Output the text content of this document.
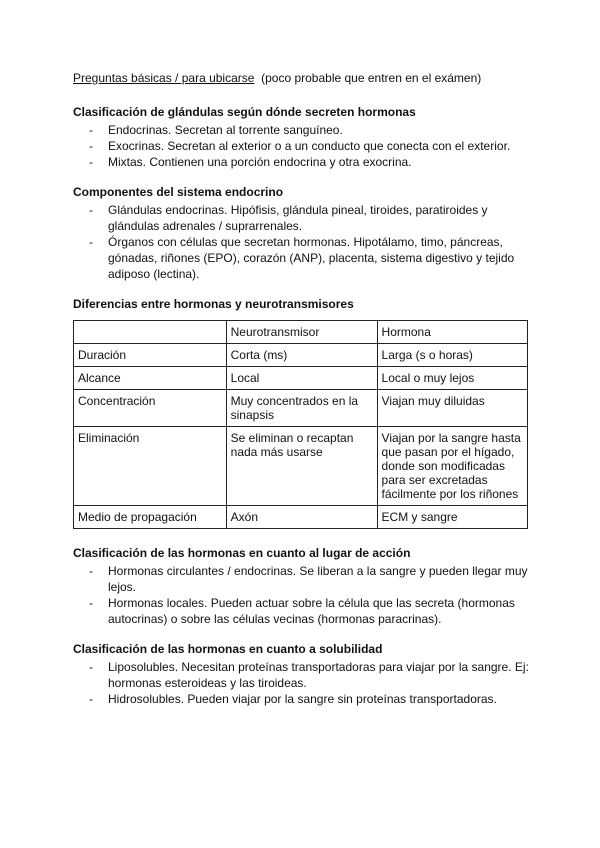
Preguntas básicas / para ubicarse (poco probable que entren en el exámen)

Clasificación de glándulas según dónde secreten hormonas
- Endocrinas. Secretan al torrente sanguíneo.
- Exocrinas. Secretan al exterior o a un conducto que conecta con el exterior.
- Mixtas. Contienen una porción endocrina y otra exocrina.
Componentes del sistema endocrino
- Glándulas endocrinas. Hipófisis, glándula pineal, tiroides, paratiroides y glándulas adrenales / suprarrenales.
- Órganos con células que secretan hormonas. Hipotálamo, timo, páncreas, gónadas, riñones (EPO), corazón (ANP), placenta, sistema digestivo y tejido adiposo (lectina).
Diferencias entre hormonas y neurotransmisores
	Neurotransmisor	Hormona
Duración	Corta (ms)	Larga (s o horas)
Alcance	Local	Local o muy lejos
Concentración	Muy concentrados en la sinapsis	Viajan muy diluidas
Eliminación	Se eliminan o recaptan nada más usarse	Viajan por la sangre hasta que pasan por el hígado, donde son modificadas para ser excretadas fácilmente por los riñones
Medio de propagación	Axón	ECM y sangre
Clasificación de las hormonas en cuanto al lugar de acción
- Hormonas circulantes / endocrinas. Se liberan a la sangre y pueden llegar muy lejos.
- Hormonas locales. Pueden actuar sobre la célula que las secreta (hormonas autocrinas) o sobre las células vecinas (hormonas paracrinas).
Clasificación de las hormonas en cuanto a solubilidad
- Liposolubles. Necesitan proteínas transportadoras para viajar por la sangre. Ej: hormonas esteroideas y las tiroideas.
- Hidrosolubles. Pueden viajar por la sangre sin proteínas transportadoras.
